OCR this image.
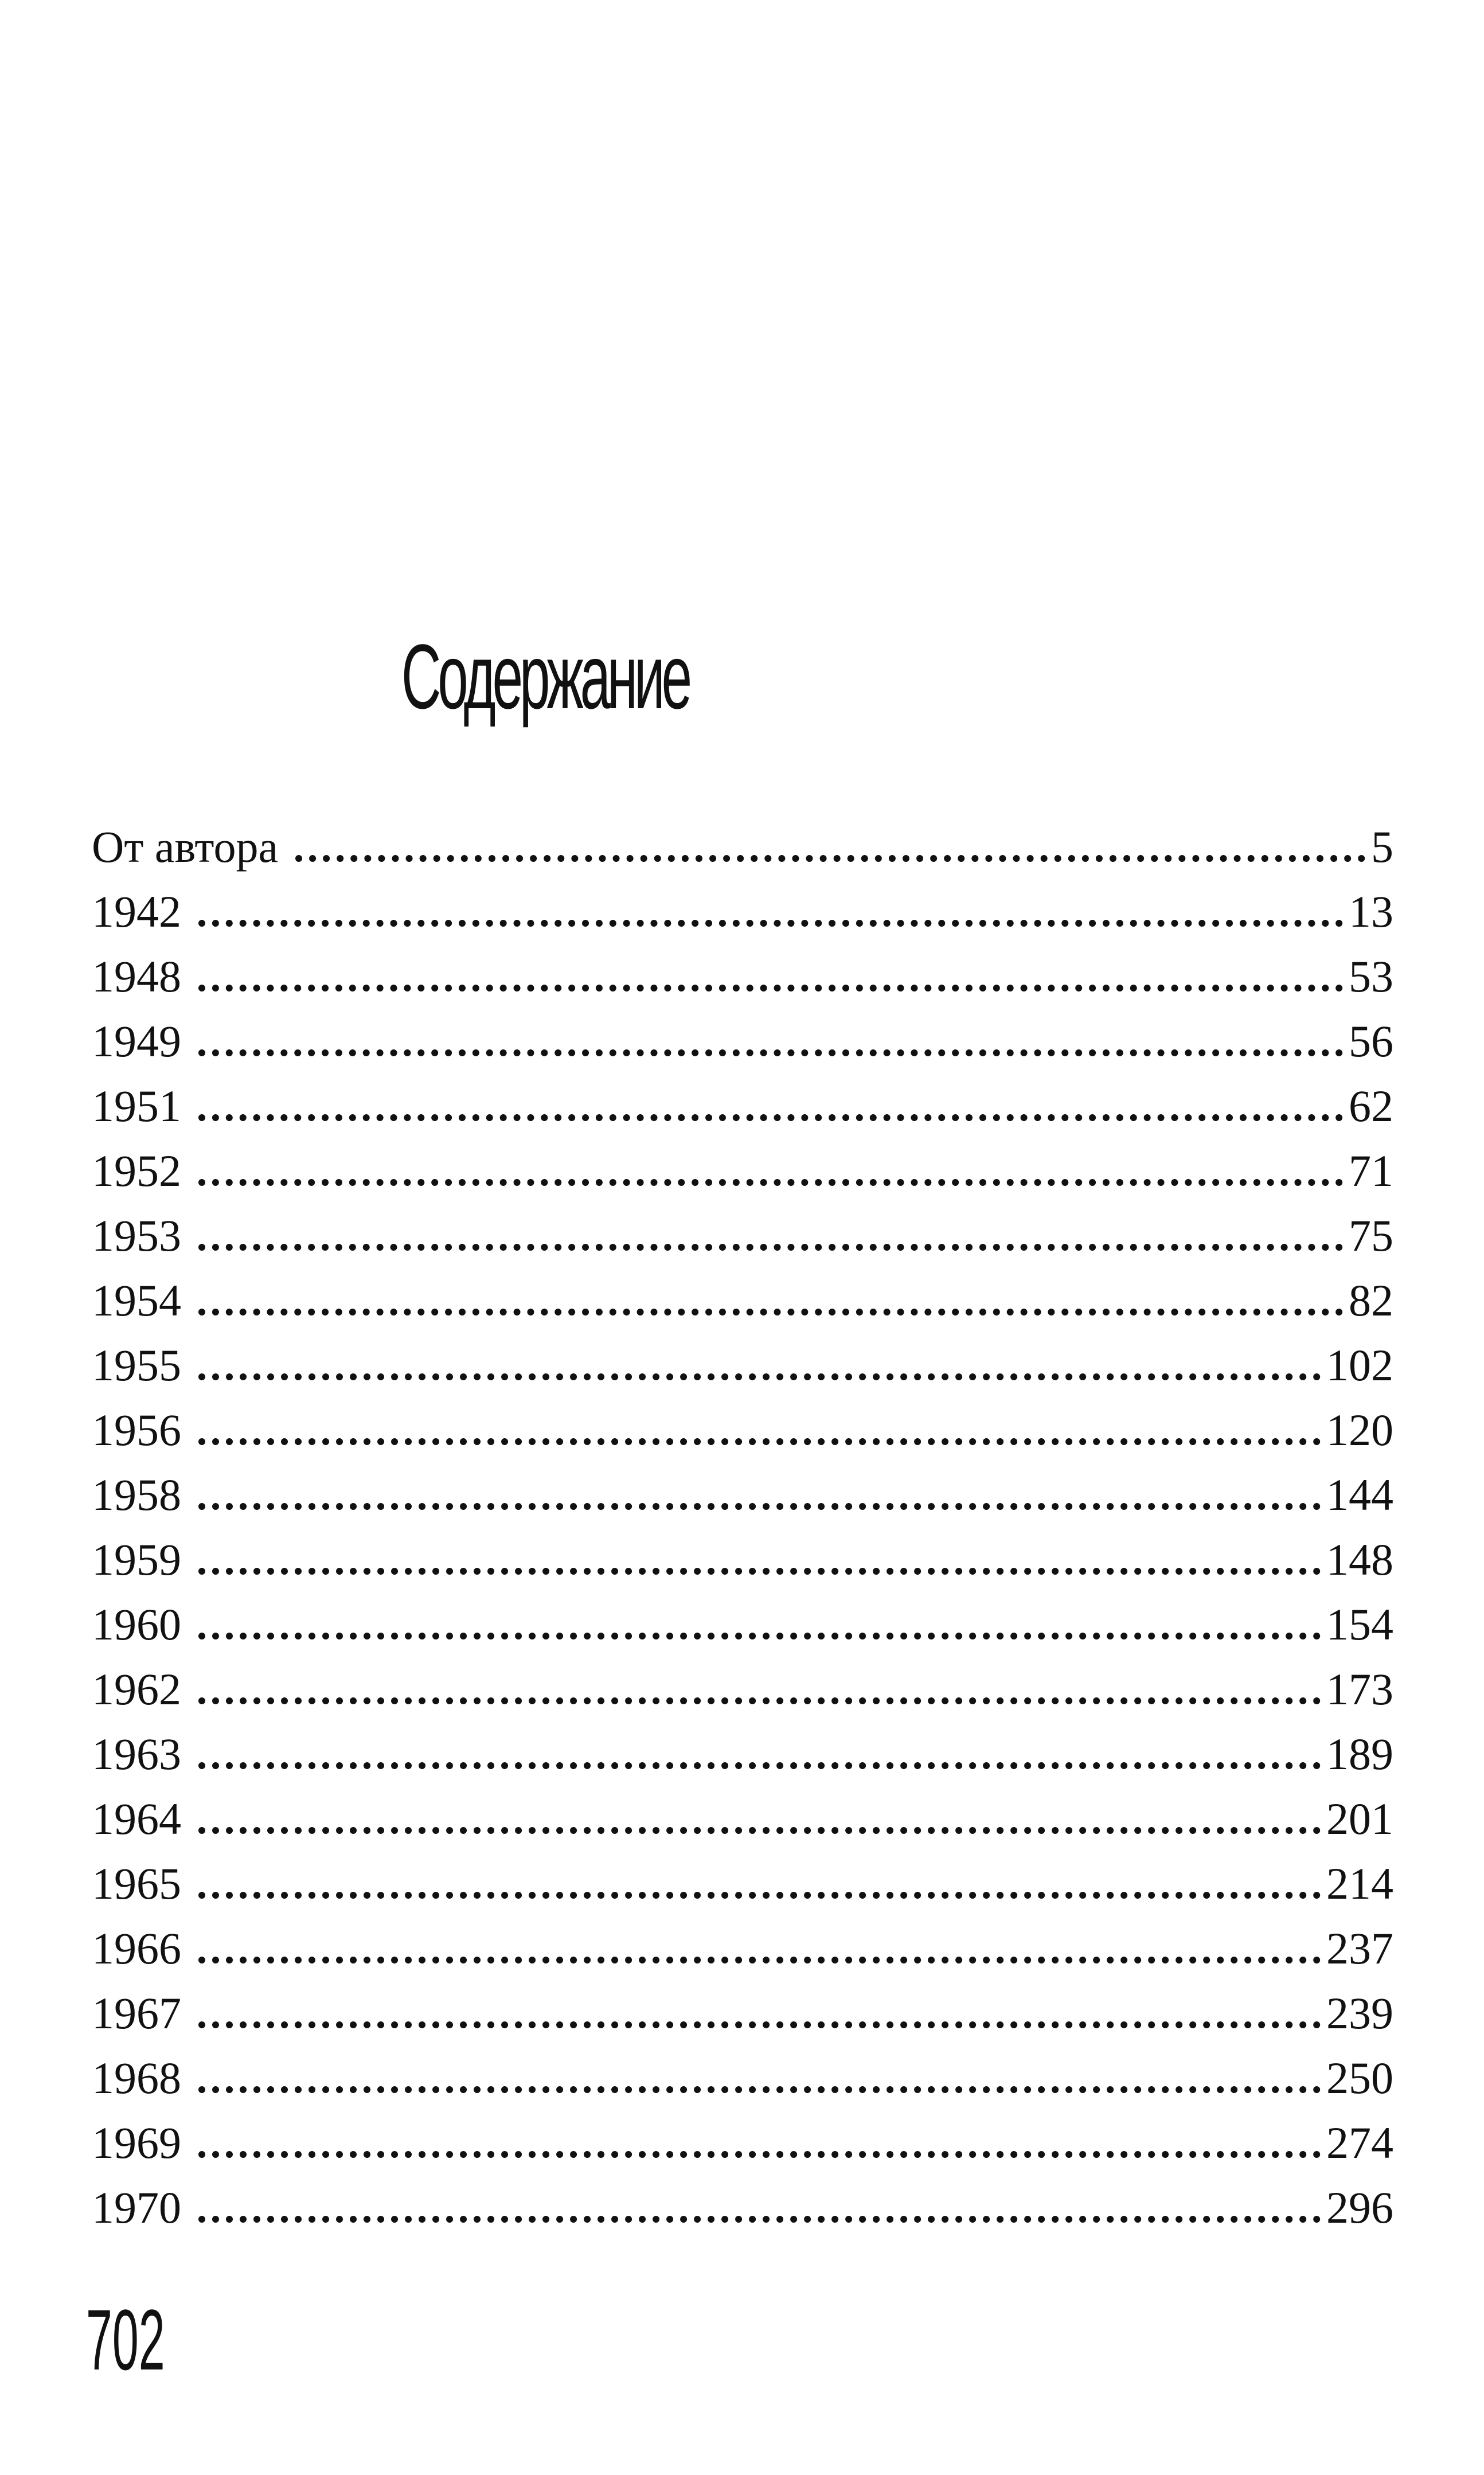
Содержание
От автора	5
1942	13
1948	53
1949	56
1951	62
1952	71
1953	75
1954	82
1955	102
1956	120
1958	144
1959	148
1960	154
1962	173
1963	189
1964	201
1965	214
1966	237
1967	239
1968	250
1969	274
1970	296
702
